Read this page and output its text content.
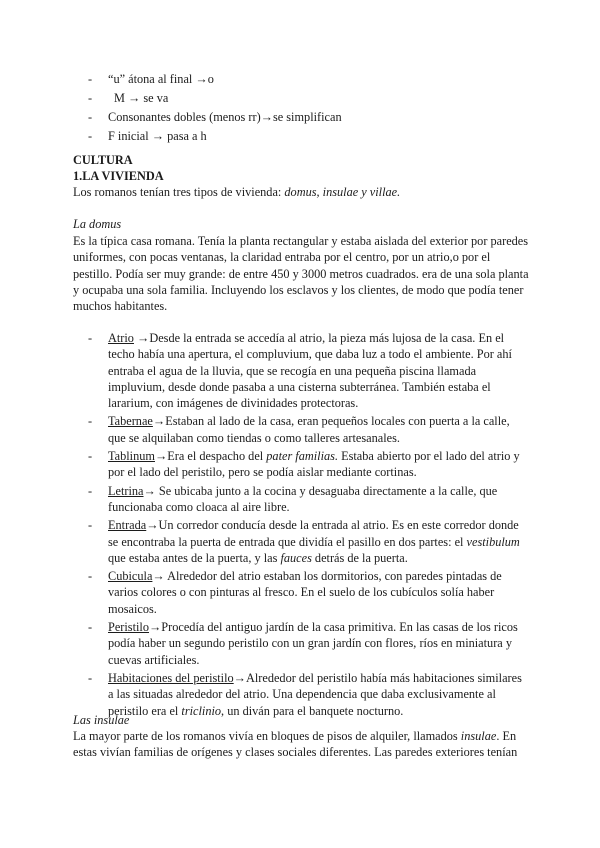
- “u” átona al final →o
- M → se va
- Consonantes dobles (menos rr)→se simplifican
- F inicial → pasa a h
CULTURA
1.LA VIVIENDA

Los romanos tenían tres tipos de vivienda: domus, insulae y villae.

La domus

Es la típica casa romana. Tenía la planta rectangular y estaba aislada del exterior por paredes uniformes, con pocas ventanas, la claridad entraba por el centro, por un atrio,o por el pestillo. Podía ser muy grande: de entre 450 y 3000 metros cuadrados. era de una sola planta y ocupaba una sola familia. Incluyendo los esclavos y los clientes, de modo que podía tener muchos habitantes.

- Atrio →Desde la entrada se accedía al atrio, la pieza más lujosa de la casa. En el techo había una apertura, el compluvium, que daba luz a todo el ambiente. Por ahí entraba el agua de la lluvia, que se recogía en una pequeña piscina llamada impluvium, desde donde pasaba a una cisterna subterránea. También estaba el lararium, con imágenes de divinidades protectoras.
- Tabernae→Estaban al lado de la casa, eran pequeños locales con puerta a la calle, que se alquilaban como tiendas o como talleres artesanales.
- Tablinum→Era el despacho del pater familias. Estaba abierto por el lado del atrio y por el lado del peristilo, pero se podía aislar mediante cortinas.
- Letrina→ Se ubicaba junto a la cocina y desaguaba directamente a la calle, que funcionaba como cloaca al aire libre.
- Entrada→Un corredor conducía desde la entrada al atrio. Es en este corredor donde se encontraba la puerta de entrada que dividía el pasillo en dos partes: el vestibulum que estaba antes de la puerta, y las fauces detrás de la puerta.
- Cubicula→ Alrededor del atrio estaban los dormitorios, con paredes pintadas de varios colores o con pinturas al fresco. En el suelo de los cubículos solía haber mosaicos.
- Peristilo→Procedía del antiguo jardín de la casa primitiva. En las casas de los ricos podía haber un segundo peristilo con un gran jardín con flores, ríos en miniatura y cuevas artificiales.
- Habitaciones del peristilo→Alrededor del peristilo había más habitaciones similares a las situadas alrededor del atrio. Una dependencia que daba exclusivamente al peristilo era el triclinio, un diván para el banquete nocturno.
Las insulae

La mayor parte de los romanos vivía en bloques de pisos de alquiler, llamados insulae. En estas vivían familias de orígenes y clases sociales diferentes. Las paredes exteriores tenían
